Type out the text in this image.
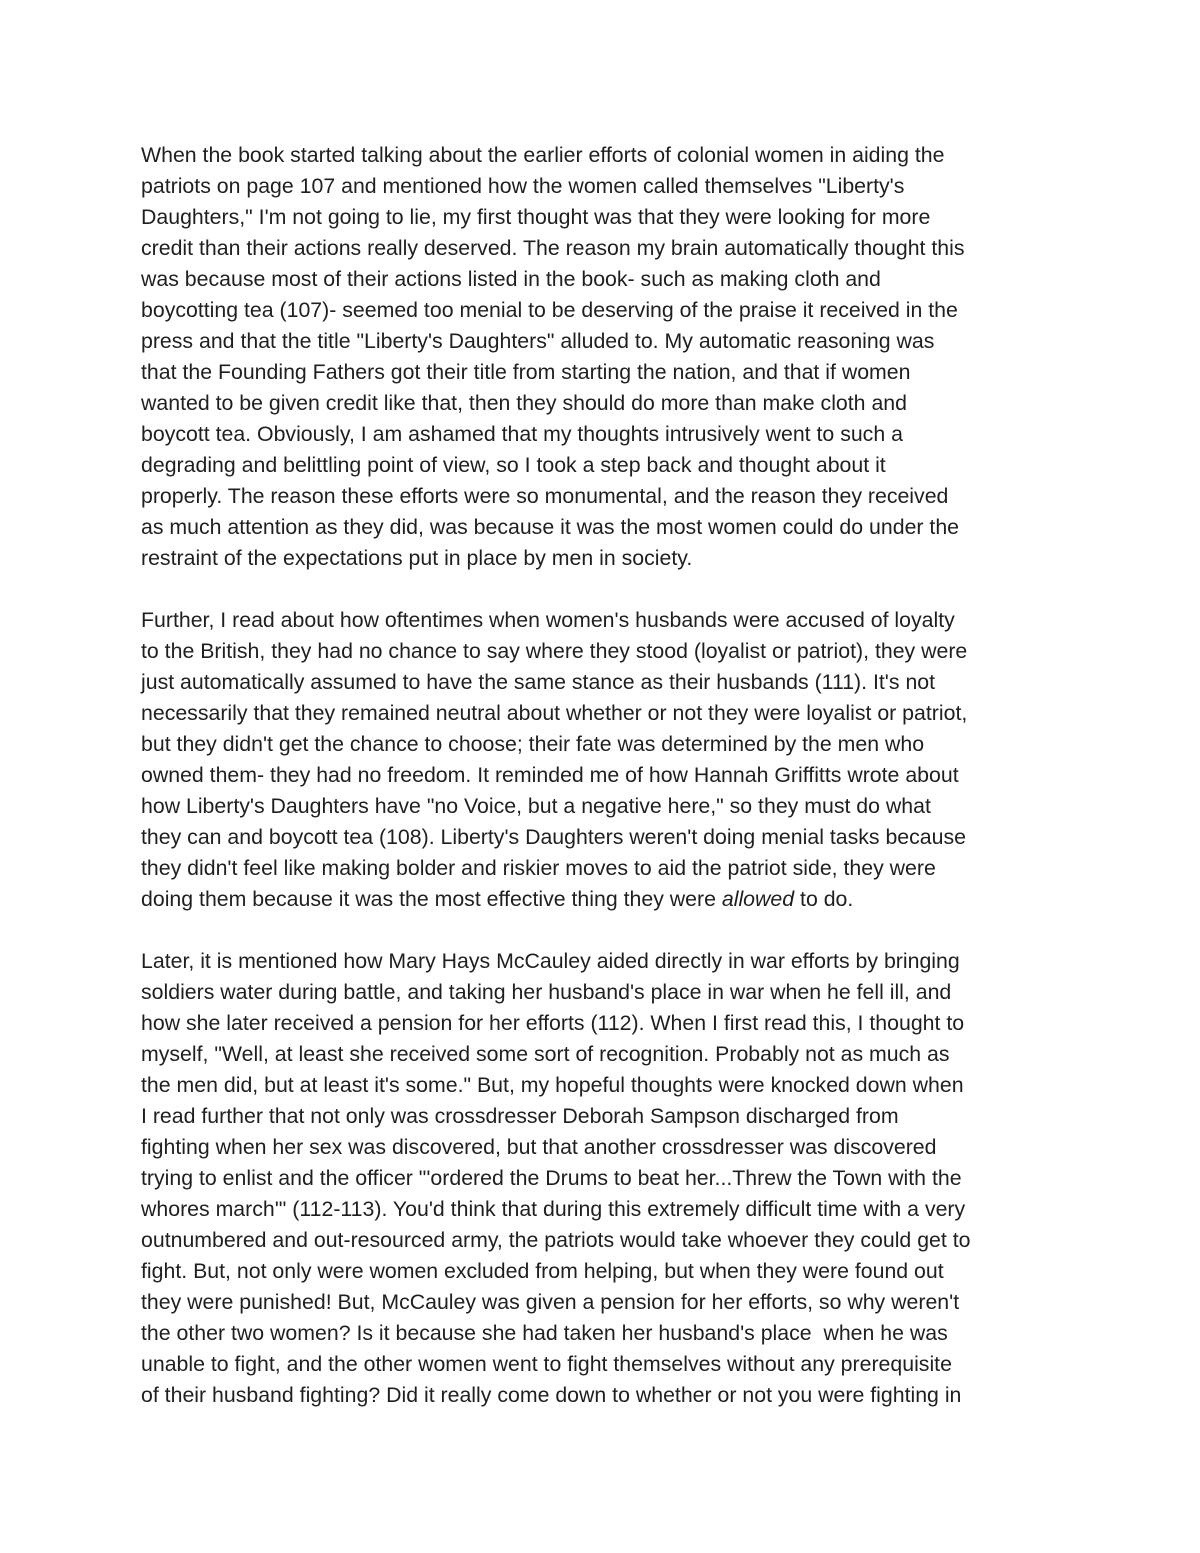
When the book started talking about the earlier efforts of colonial women in aiding the
patriots on page 107 and mentioned how the women called themselves "Liberty's
Daughters," I'm not going to lie, my first thought was that they were looking for more
credit than their actions really deserved. The reason my brain automatically thought this
was because most of their actions listed in the book- such as making cloth and
boycotting tea (107)- seemed too menial to be deserving of the praise it received in the
press and that the title "Liberty's Daughters" alluded to. My automatic reasoning was
that the Founding Fathers got their title from starting the nation, and that if women
wanted to be given credit like that, then they should do more than make cloth and
boycott tea. Obviously, I am ashamed that my thoughts intrusively went to such a
degrading and belittling point of view, so I took a step back and thought about it
properly. The reason these efforts were so monumental, and the reason they received
as much attention as they did, was because it was the most women could do under the
restraint of the expectations put in place by men in society.

Further, I read about how oftentimes when women's husbands were accused of loyalty
to the British, they had no chance to say where they stood (loyalist or patriot), they were
just automatically assumed to have the same stance as their husbands (111). It's not
necessarily that they remained neutral about whether or not they were loyalist or patriot,
but they didn't get the chance to choose; their fate was determined by the men who
owned them- they had no freedom. It reminded me of how Hannah Griffitts wrote about
how Liberty's Daughters have "no Voice, but a negative here," so they must do what
they can and boycott tea (108). Liberty's Daughters weren't doing menial tasks because
they didn't feel like making bolder and riskier moves to aid the patriot side, they were
doing them because it was the most effective thing they were allowed to do.

Later, it is mentioned how Mary Hays McCauley aided directly in war efforts by bringing
soldiers water during battle, and taking her husband's place in war when he fell ill, and
how she later received a pension for her efforts (112). When I first read this, I thought to
myself, "Well, at least she received some sort of recognition. Probably not as much as
the men did, but at least it's some." But, my hopeful thoughts were knocked down when
I read further that not only was crossdresser Deborah Sampson discharged from
fighting when her sex was discovered, but that another crossdresser was discovered
trying to enlist and the officer "'ordered the Drums to beat her...Threw the Town with the
whores march'" (112-113). You'd think that during this extremely difficult time with a very
outnumbered and out-resourced army, the patriots would take whoever they could get to
fight. But, not only were women excluded from helping, but when they were found out
they were punished! But, McCauley was given a pension for her efforts, so why weren't
the other two women? Is it because she had taken her husband's place  when he was
unable to fight, and the other women went to fight themselves without any prerequisite
of their husband fighting? Did it really come down to whether or not you were fighting in
